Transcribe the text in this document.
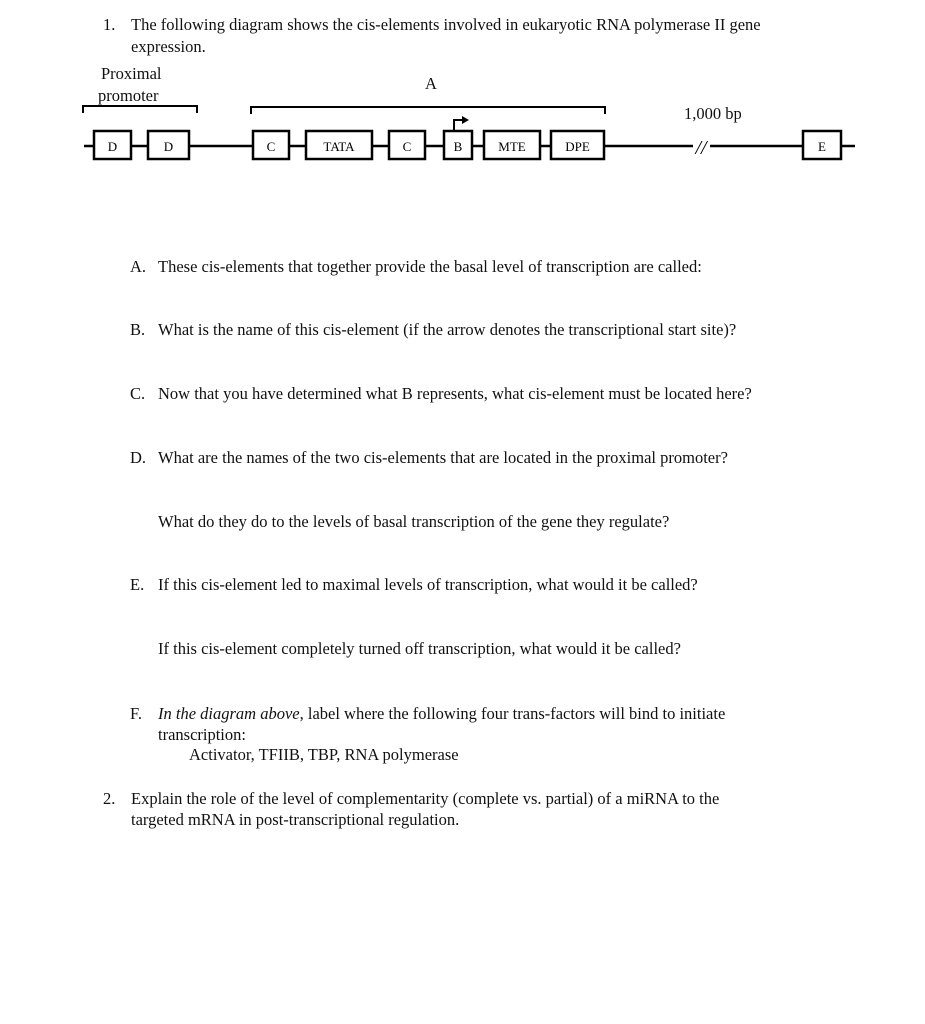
1. The following diagram shows the cis-elements involved in eukaryotic RNA polymerase II gene
expression.
Proximal
promoter
A
1,000 bp
//
D	D	C	TATA	C	B	MTE	DPE	E
A. These cis-elements that together provide the basal level of transcription are called:
B. What is the name of this cis-element (if the arrow denotes the transcriptional start site)?
C. Now that you have determined what B represents, what cis-element must be located here?
D. What are the names of the two cis-elements that are located in the proximal promoter?
What do they do to the levels of basal transcription of the gene they regulate?
E. If this cis-element led to maximal levels of transcription, what would it be called?
If this cis-element completely turned off transcription, what would it be called?
F. In the diagram above, label where the following four trans-factors will bind to initiate
transcription:
Activator, TFIIB, TBP, RNA polymerase
2. Explain the role of the level of complementarity (complete vs. partial) of a miRNA to the
targeted mRNA in post-transcriptional regulation.
